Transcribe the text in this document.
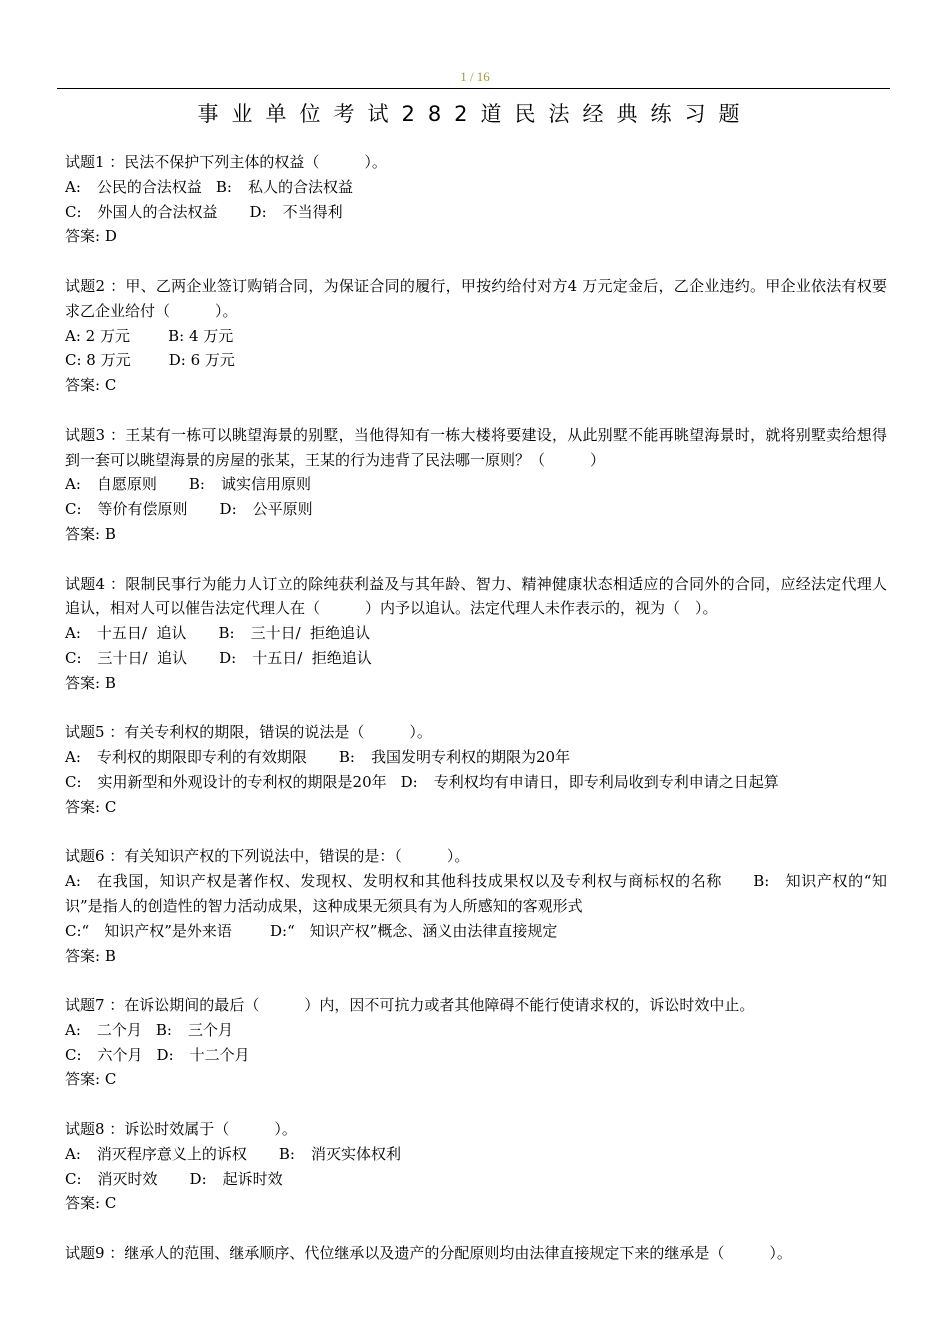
1 / 16
事业单位考试282道民法经典练习题

试题1 ：民法不保护下列主体的权益（　　　）。

A: 公民的合法权益 B: 私人的合法权益

C: 外国人的合法权益 D: 不当得利

答案: D

试题2 ：甲、乙两企业签订购销合同，为保证合同的履行，甲按约给付对方4 万元定金后，乙企业违约。甲企业依法有权要求乙企业给付（　　　）。

A: 2 万元        B: 4 万元

C: 8 万元        D: 6 万元

答案: C

试题3 ：王某有一栋可以眺望海景的别墅，当他得知有一栋大楼将要建设，从此别墅不能再眺望海景时，就将别墅卖给想得到一套可以眺望海景的房屋的张某，王某的行为违背了民法哪一原则？（　　　）

A: 自愿原则 B: 诚实信用原则

C: 等价有偿原则 D: 公平原则

答案: B

试题4 ：限制民事行为能力人订立的除纯获利益及与其年龄、智力、精神健康状态相适应的合同外的合同，应经法定代理人追认，相对人可以催告法定代理人在（　　　）内予以追认。法定代理人未作表示的，视为（　）。

A: 十五日/  追认 B: 三十日/  拒绝追认

C: 三十日/  追认 D: 十五日/  拒绝追认

答案: B

试题5 ：有关专利权的期限，错误的说法是（　　　）。

A: 专利权的期限即专利的有效期限 B: 我国发明专利权的期限为20年

C: 实用新型和外观设计的专利权的期限是20年 D: 专利权均有申请日，即专利局收到专利申请之日起算

答案: C

试题6 ：有关知识产权的下列说法中，错误的是：（　　　）。

A:　在我国，知识产权是著作权、发现权、发明权和其他科技成果权以及专利权与商标权的名称　　B:　知识产权的“知识”是指人的创造性的智力活动成果，这种成果无须具有为人所感知的客观形式

C:“　知识产权”是外来语        D:“　知识产权”概念、涵义由法律直接规定

答案: B

试题7 ：在诉讼期间的最后（　　　）内，因不可抗力或者其他障碍不能行使请求权的，诉讼时效中止。

A: 二个月 B: 三个月

C: 六个月 D: 十二个月

答案: C

试题8 ：诉讼时效属于（　　　）。

A: 消灭程序意义上的诉权 B: 消灭实体权利

C: 消灭时效 D: 起诉时效

答案: C

试题9 ：继承人的范围、继承顺序、代位继承以及遗产的分配原则均由法律直接规定下来的继承是（　　　）。
